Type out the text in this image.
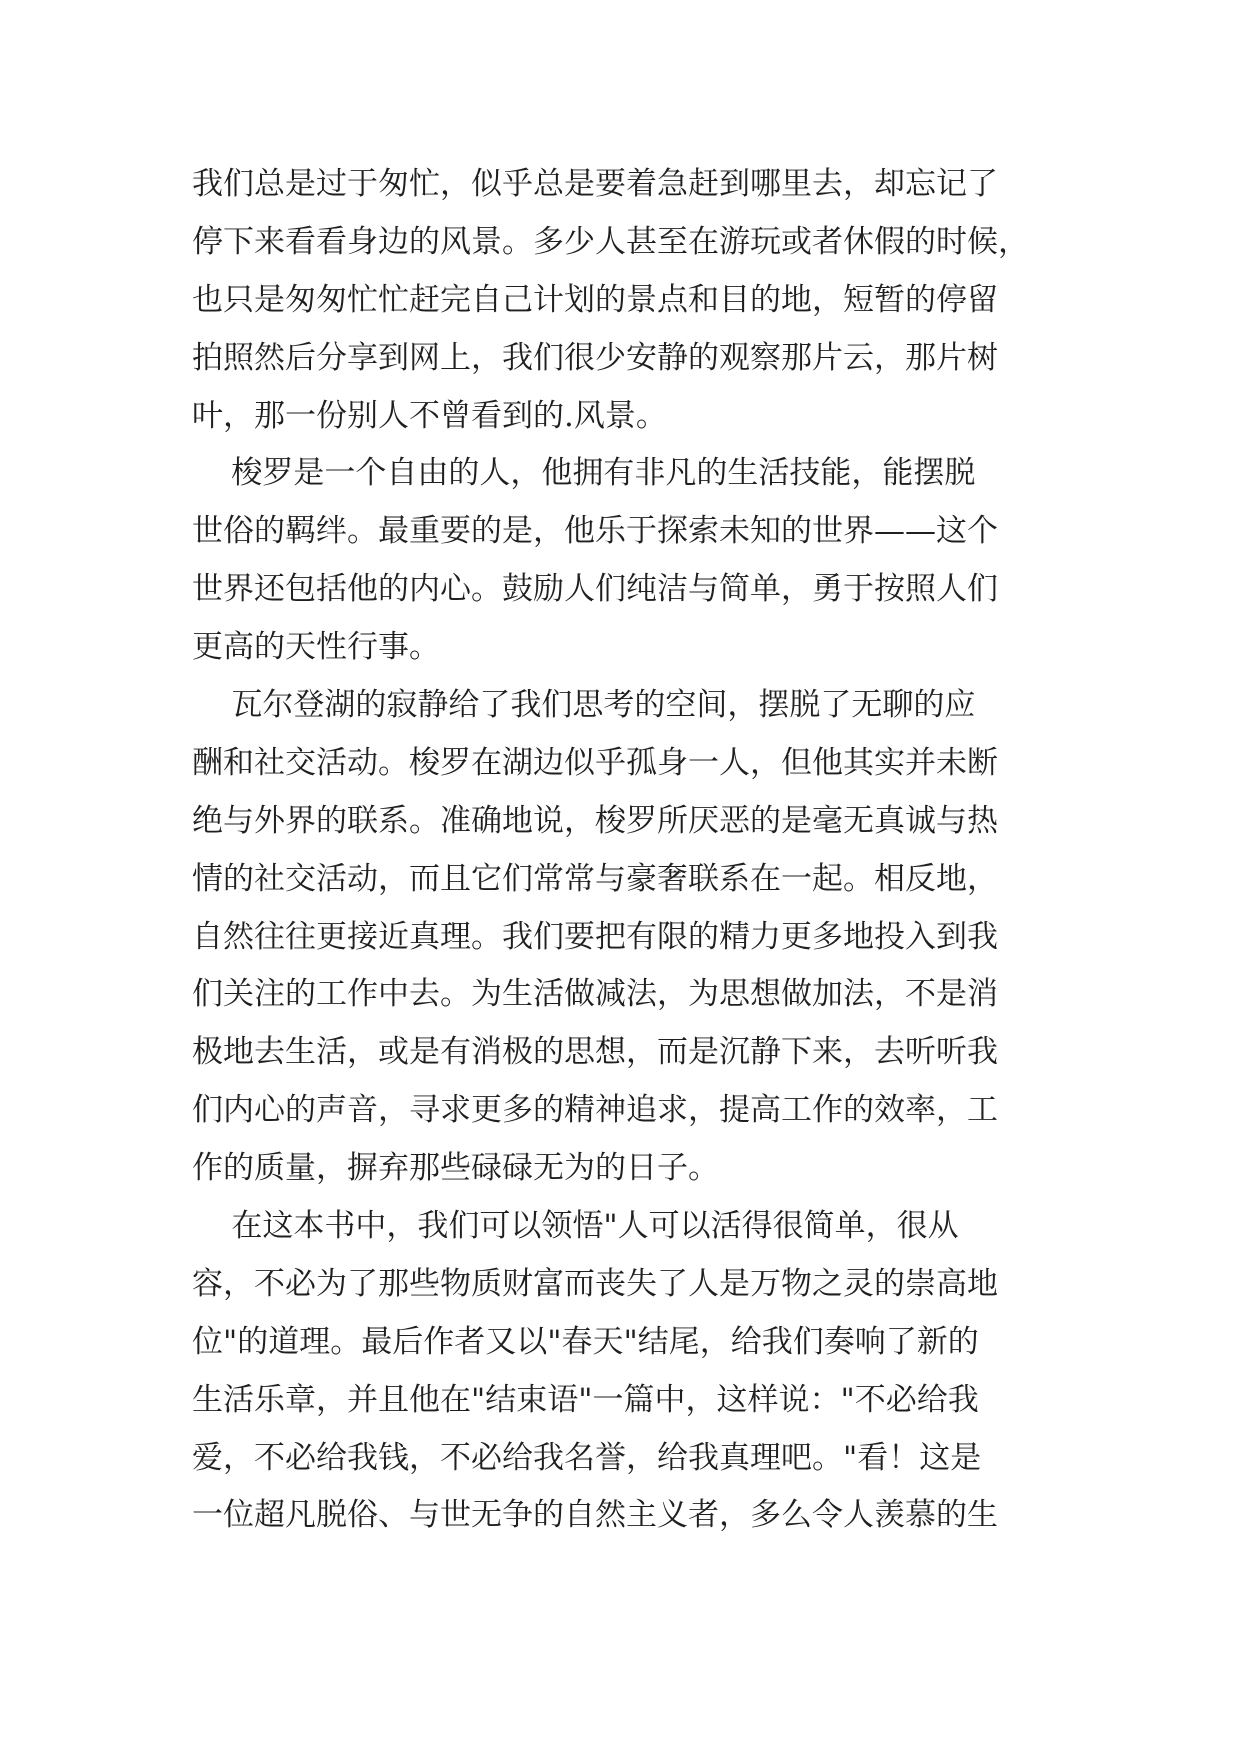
我们总是过于匆忙，似乎总是要着急赶到哪里去，却忘记了
停下来看看身边的风景。多少人甚至在游玩或者休假的时候，
也只是匆匆忙忙赶完自己计划的景点和目的地，短暂的停留
拍照然后分享到网上，我们很少安静的观察那片云，那片树
叶，那一份别人不曾看到的.风景。
梭罗是一个自由的人，他拥有非凡的生活技能，能摆脱
世俗的羁绊。最重要的是，他乐于探索未知的世界——这个
世界还包括他的内心。鼓励人们纯洁与简单，勇于按照人们
更高的天性行事。
瓦尔登湖的寂静给了我们思考的空间，摆脱了无聊的应
酬和社交活动。梭罗在湖边似乎孤身一人，但他其实并未断
绝与外界的联系。准确地说，梭罗所厌恶的是毫无真诚与热
情的社交活动，而且它们常常与豪奢联系在一起。相反地，
自然往往更接近真理。我们要把有限的精力更多地投入到我
们关注的工作中去。为生活做减法，为思想做加法，不是消
极地去生活，或是有消极的思想，而是沉静下来，去听听我
们内心的声音，寻求更多的精神追求，提高工作的效率，工
作的质量，摒弃那些碌碌无为的日子。
在这本书中，我们可以领悟"人可以活得很简单，很从
容，不必为了那些物质财富而丧失了人是万物之灵的崇高地
位"的道理。最后作者又以"春天"结尾，给我们奏响了新的
生活乐章，并且他在"结束语"一篇中，这样说："不必给我
爱，不必给我钱，不必给我名誉，给我真理吧。"看！这是
一位超凡脱俗、与世无争的自然主义者，多么令人羡慕的生
